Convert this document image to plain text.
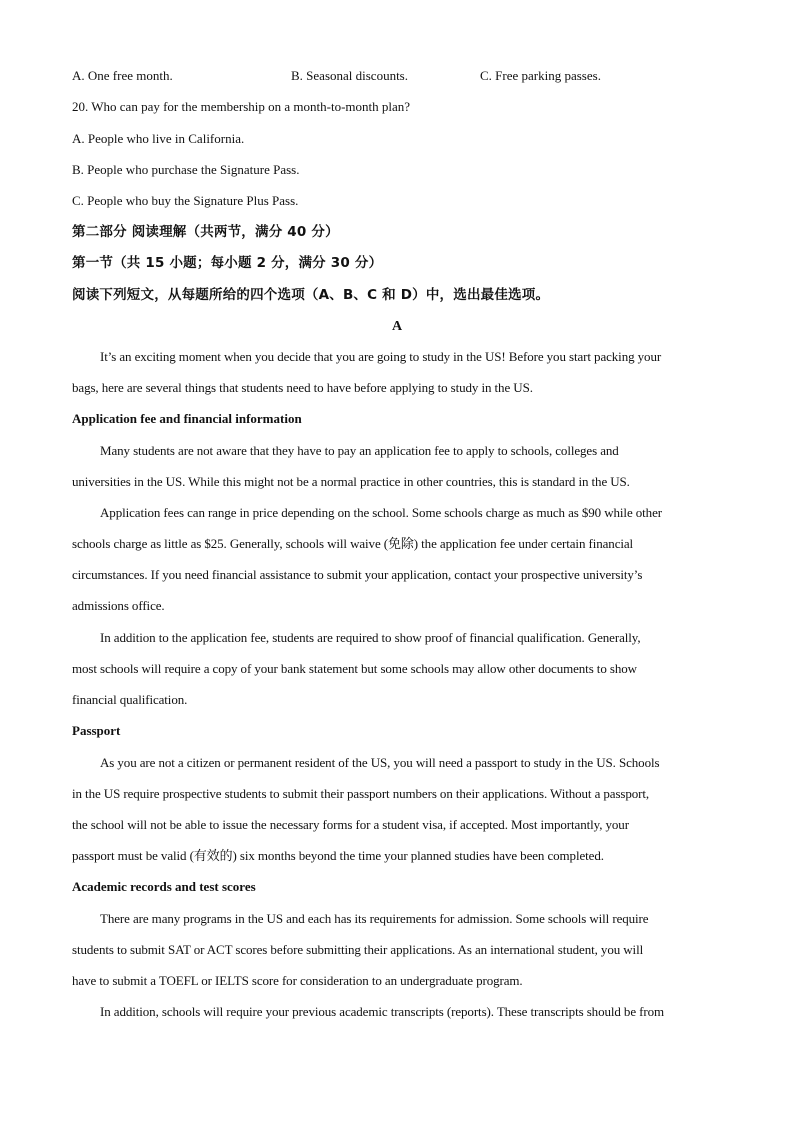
A. One free month.	B. Seasonal discounts.	C. Free parking passes.
20. Who can pay for the membership on a month-to-month plan?
A. People who live in California.
B. People who purchase the Signature Pass.
C. People who buy the Signature Plus Pass.
第二部分 阅读理解（共两节，满分 40 分）
第一节（共 15 小题；每小题 2 分，满分 30 分）
阅读下列短文，从每题所给的四个选项（A、B、C 和 D）中，选出最佳选项。
A
It’s an exciting moment when you decide that you are going to study in the US! Before you start packing your
bags, here are several things that students need to have before applying to study in the US.
Application fee and financial information
Many students are not aware that they have to pay an application fee to apply to schools, colleges and
universities in the US. While this might not be a normal practice in other countries, this is standard in the US.
Application fees can range in price depending on the school. Some schools charge as much as $90 while other
schools charge as little as $25. Generally, schools will waive (免除) the application fee under certain financial
circumstances. If you need financial assistance to submit your application, contact your prospective university’s
admissions office.
In addition to the application fee, students are required to show proof of financial qualification. Generally,
most schools will require a copy of your bank statement but some schools may allow other documents to show
financial qualification.
Passport
As you are not a citizen or permanent resident of the US, you will need a passport to study in the US. Schools
in the US require prospective students to submit their passport numbers on their applications. Without a passport,
the school will not be able to issue the necessary forms for a student visa, if accepted. Most importantly, your
passport must be valid (有效的) six months beyond the time your planned studies have been completed.
Academic records and test scores
There are many programs in the US and each has its requirements for admission. Some schools will require
students to submit SAT or ACT scores before submitting their applications. As an international student, you will
have to submit a TOEFL or IELTS score for consideration to an undergraduate program.
In addition, schools will require your previous academic transcripts (reports). These transcripts should be from
